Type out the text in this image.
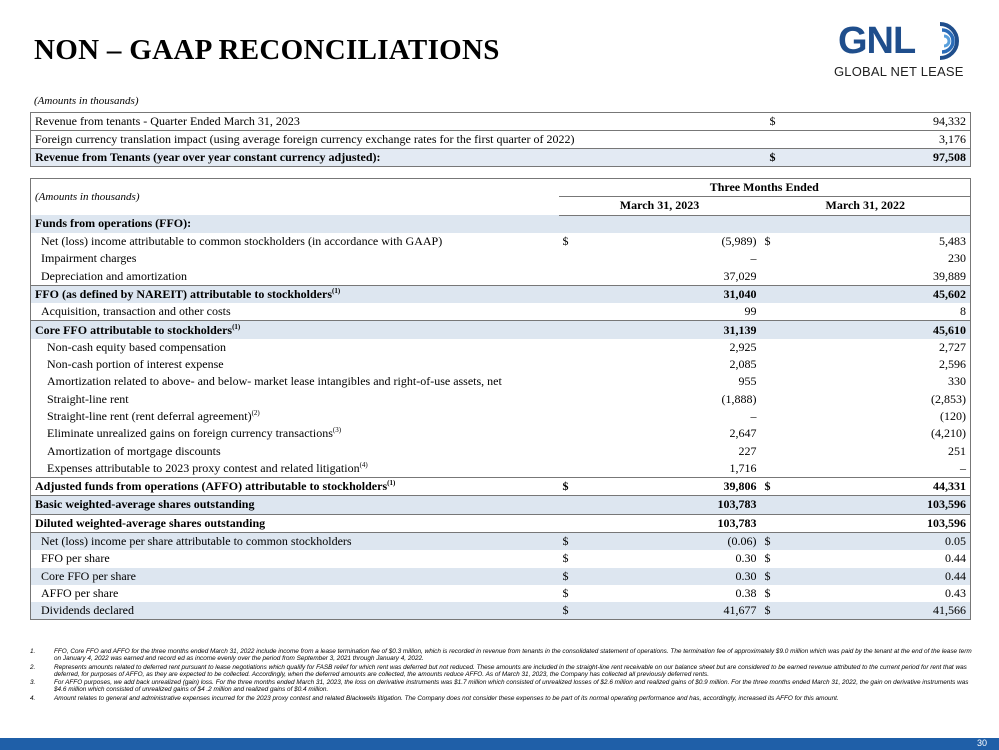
NON – GAAP RECONCILIATIONS	GNL
GLOBAL NET LEASE
(Amounts in thousands)
Revenue from tenants - Quarter Ended March 31, 2023	$	94,332
Foreign currency translation impact (using average foreign currency exchange rates for the first quarter of 2022)		3,176
Revenue from Tenants (year over year constant currency adjusted):	$	97,508
(Amounts in thousands)	Three Months Ended			
	March 31, 2023		March 31, 2022	
Funds from operations (FFO):				
Net (loss) income attributable to common stockholders (in accordance with GAAP)	$	(5,989)	$	5,483
Impairment charges		–		230
Depreciation and amortization		37,029		39,889
FFO (as defined by NAREIT) attributable to stockholders$^{(1)}$		31,040		45,602
Acquisition, transaction and other costs		99		8
Core FFO attributable to stockholders$^{(1)}$		31,139		45,610
Non-cash equity based compensation		2,925		2,727
Non-cash portion of interest expense		2,085		2,596
Amortization related to above- and below- market lease intangibles and right-of-use assets, net		955		330
Straight-line rent		(1,888)		(2,853)
Straight-line rent (rent deferral agreement)$^{(2)}$		–		(120)
Eliminate unrealized gains on foreign currency transactions$^{(3)}$		2,647		(4,210)
Amortization of mortgage discounts		227		251
Expenses attributable to 2023 proxy contest and related litigation$^{(4)}$		1,716		–
Adjusted funds from operations (AFFO) attributable to stockholders$^{(1)}$	$	39,806	$	44,331
Basic weighted-average shares outstanding		103,783		103,596
Diluted weighted-average shares outstanding		103,783		103,596
Net (loss) income per share attributable to common stockholders	$	(0.06)	$	0.05
FFO per share	$	0.30	$	0.44
Core FFO per share	$	0.30	$	0.44
AFFO per share	$	0.38	$	0.43
Dividends declared	$	41,677	$	41,566
1.	FFO, Core FFO and AFFO for the three months ended March 31, 2022 include income from a lease termination fee of $0.3 million, which is recorded in revenue from tenants in the consolidated statement of operations. The termination fee of approximately $9.0 million which was paid by the tenant at the end of the lease term on January 4, 2022 was earned and record ed as income evenly over the period from September 3, 2021 through January 4, 2022.
2.	Represents amounts related to deferred rent pursuant to lease negotiations which qualify for FASB relief for which rent was deferred but not reduced. These amounts are included in the straight-line rent receivable on our balance sheet but are considered to be earned revenue attributed to the current period for rent that was deferred, for purposes of AFFO, as they are expected to be collected. Accordingly, when the deferred amounts are collected, the amounts reduce AFFO. As of March 31, 2023, the Company has collected all previously deferred rents.
3.	For AFFO purposes, we add back unrealized (gain) loss. For the three months ended March 31, 2023, the loss on derivative instruments was $1.7 million which consisted of unrealized losses of $2.6 million and realized gains of $0.9 million. For the three months ended March 31, 2022, the gain on derivative instruments was $4.6 million which consisted of unrealized gains of $4 .2 million and realized gains of $0.4 million.
4.	Amount relates to general and administrative expenses incurred for the 2023 proxy contest and related Blackwells litigation. The Company does not consider these expenses to be part of its normal operating performance and has, accordingly, increased its AFFO for this amount.
30
